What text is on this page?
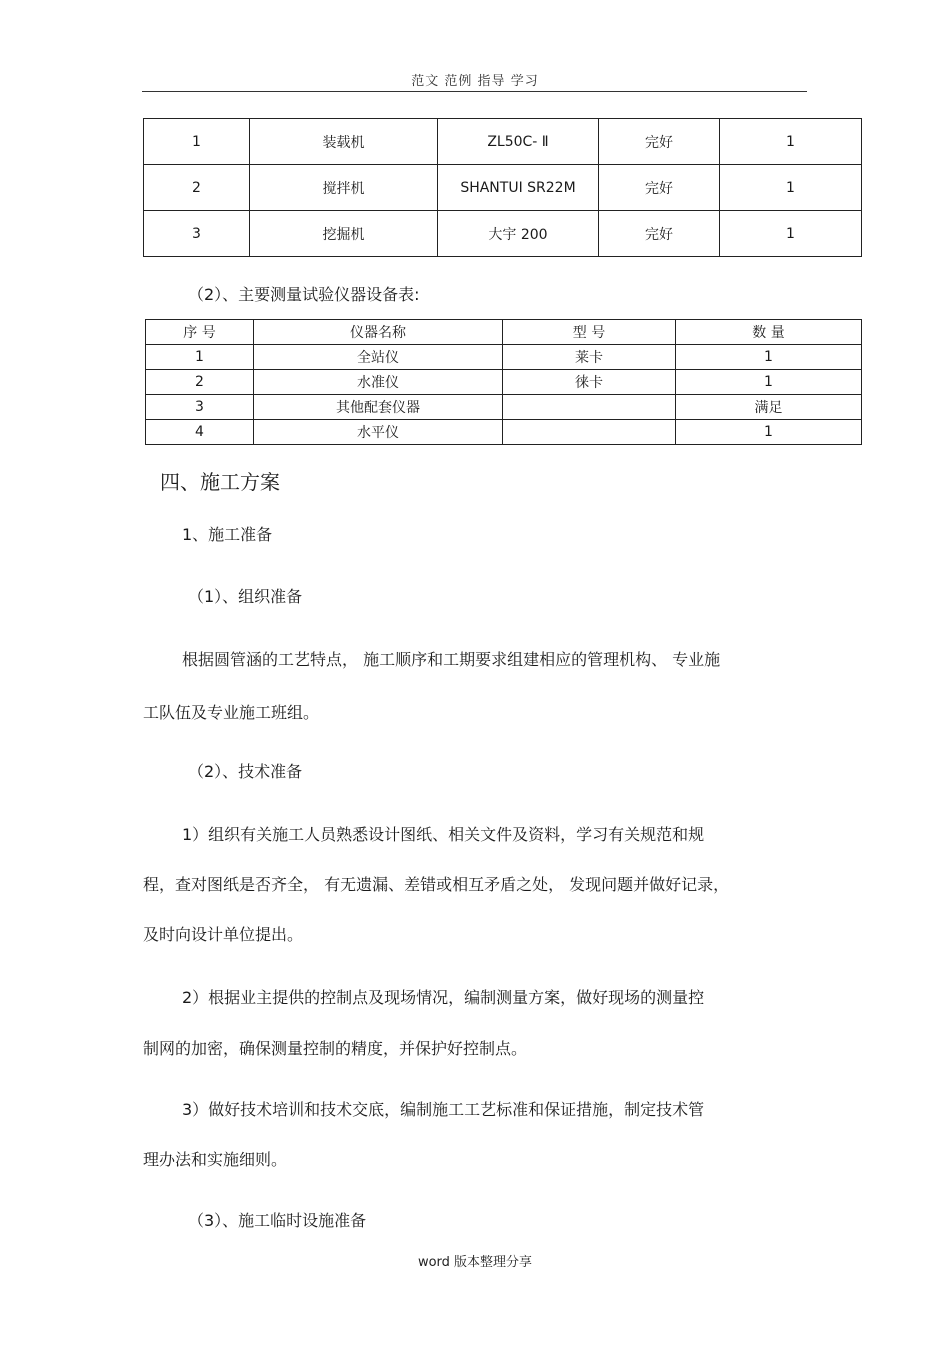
范文 范例 指导 学习
1	装载机	ZL50C- Ⅱ	完好	1
2	搅拌机	SHANTUI SR22M	完好	1
3	挖掘机	大宇 200	完好	1
（2）、主要测量试验仪器设备表:
序 号	仪器名称	型 号	数 量
1	全站仪	莱卡	1
2	水准仪	徕卡	1
3	其他配套仪器		满足
4	水平仪		1
四、施工方案
1、施工准备
（1）、组织准备
根据圆管涵的工艺特点， 施工顺序和工期要求组建相应的管理机构、 专业施
工队伍及专业施工班组。
（2）、技术准备
1）组织有关施工人员熟悉设计图纸、相关文件及资料，学习有关规范和规
程，查对图纸是否齐全， 有无遗漏、差错或相互矛盾之处， 发现问题并做好记录，
及时向设计单位提出。
2）根据业主提供的控制点及现场情况，编制测量方案，做好现场的测量控
制网的加密，确保测量控制的精度，并保护好控制点。
3）做好技术培训和技术交底，编制施工工艺标准和保证措施，制定技术管
理办法和实施细则。
（3）、施工临时设施准备
word 版本整理分享
